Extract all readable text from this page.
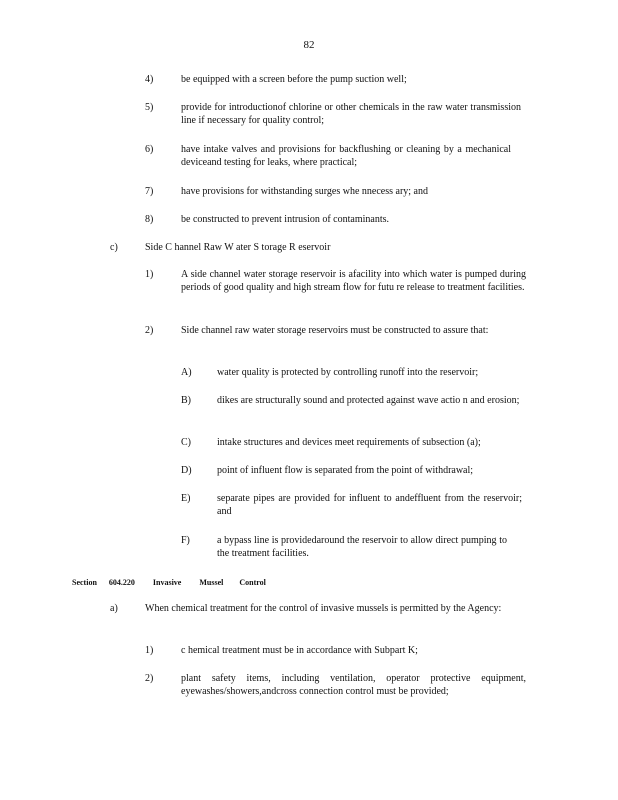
82
4)	be equipped with a screen before the pump suction well;
5)	provide for introductionof chlorine or other chemicals in the raw water transmission line if necessary for quality control;
6)	have intake valves and provisions for backflushing or cleaning by a mechanical deviceand testing for leaks, where practical;
7)	have provisions for withstanding surges whe nnecess ary; and
8)	be constructed to prevent intrusion of contaminants.
c)	Side C hannel Raw W ater S torage R eservoir
1)	A side channel water storage reservoir is afacility into which water is pumped during periods of good quality and high stream flow for futu re release to treatment facilities.
2)	Side channel raw water storage reservoirs must be constructed to assure that:
A)	water quality is protected by controlling runoff into the reservoir;
B)	dikes are structurally sound and protected against wave actio n and erosion;
C)	intake structures and devices meet requirements of subsection (a);
D)	point of influent flow is separated from the point of withdrawal;
E)	separate pipes are provided for influent to andeffluent from the reservoir; and
F)	a bypass line is providedaround the reservoir to allow direct pumping to the treatment facilities.
Section 604.220 Invasive Mussel Control
a)	When chemical treatment for the control of invasive mussels is permitted by the Agency:
1)	c hemical treatment must be in accordance with Subpart K;
2)	plant safety items, including ventilation, operator protective equipment, eyewashes/showers,andcross connection control must be provided;
